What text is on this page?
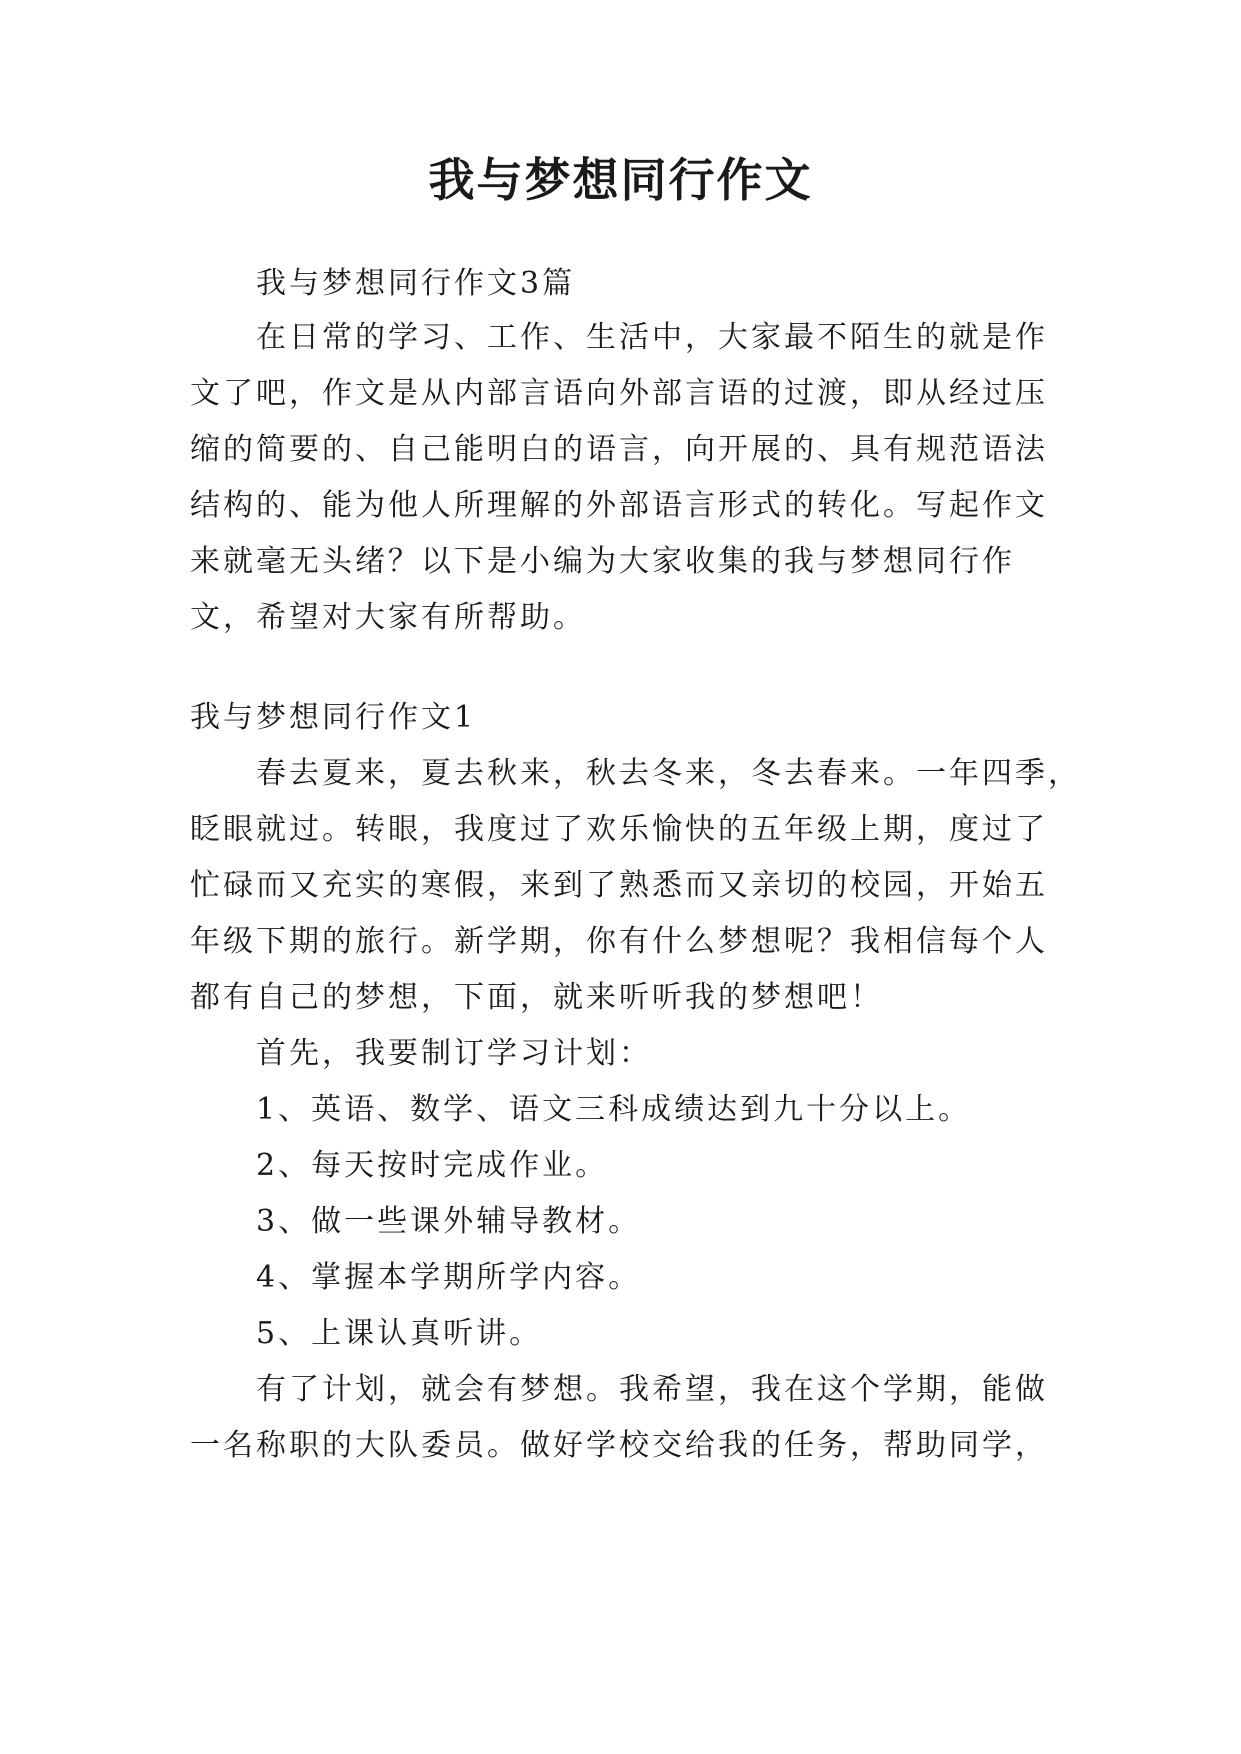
我与梦想同行作文

我与梦想同行作文3篇

在日常的学习、工作、生活中，大家最不陌生的就是作

文了吧，作文是从内部言语向外部言语的过渡，即从经过压

缩的简要的、自己能明白的语言，向开展的、具有规范语法

结构的、能为他人所理解的外部语言形式的转化。写起作文

来就毫无头绪？以下是小编为大家收集的我与梦想同行作

文，希望对大家有所帮助。

我与梦想同行作文1

春去夏来，夏去秋来，秋去冬来，冬去春来。一年四季，

眨眼就过。转眼，我度过了欢乐愉快的五年级上期，度过了

忙碌而又充实的寒假，来到了熟悉而又亲切的校园，开始五

年级下期的旅行。新学期，你有什么梦想呢？我相信每个人

都有自己的梦想，下面，就来听听我的梦想吧！

首先，我要制订学习计划：

1、英语、数学、语文三科成绩达到九十分以上。

2、每天按时完成作业。

3、做一些课外辅导教材。

4、掌握本学期所学内容。

5、上课认真听讲。

有了计划，就会有梦想。我希望，我在这个学期，能做

一名称职的大队委员。做好学校交给我的任务，帮助同学，
